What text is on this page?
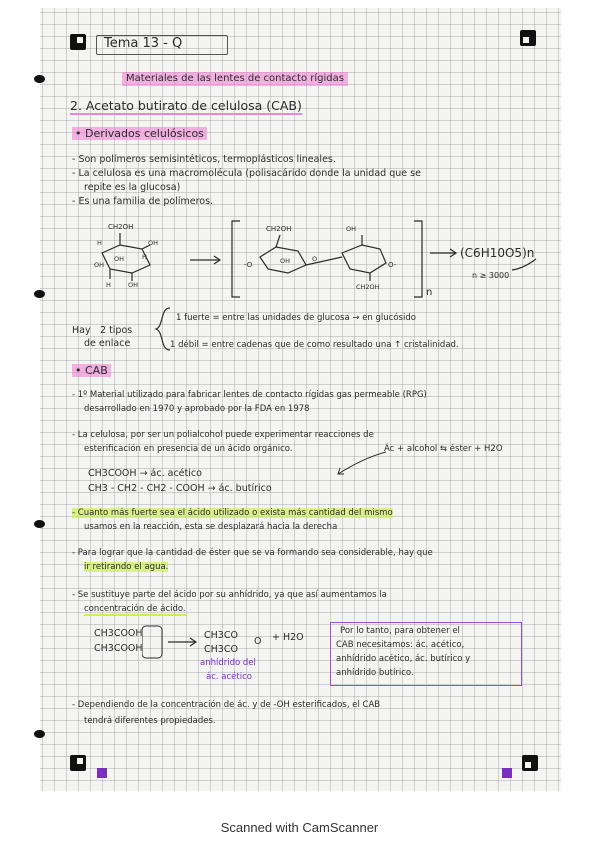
Tema 13 - Q
Materiales de las lentes de contacto rígidas
2. Acetato butirato de celulosa (CAB)
• Derivados celulósicos
- Son polímeros semisintéticos, termoplásticos lineales.
- La celulosa es una macromolécula (polisacárido donde la unidad que se
repite es la glucosa)
- Es una familia de polímeros.
CH2OH
H	OH
OH
OH	H
H	OH
CH2OH
-O
O
OH
OH
O-
CH2OH	n
(C6H10O5)n
n ≥ 3000
Hay 2 tipos
de enlace
1 fuerte = entre las unidades de glucosa → en glucósido
1 débil = entre cadenas que de como resultado una ↑ cristalinidad.
• CAB
- 1º Material utilizado para fabricar lentes de contacto rígidas gas permeable (RPG)
desarrollado en 1970 y aprobado por la FDA en 1978
- La celulosa, por ser un polialcohol puede experimentar reacciones de
esterificación en presencia de un ácido orgánico.	Ác + alcohol ⇆ éster + H2O
CH3COOH → ác. acético
CH3 - CH2 - CH2 - COOH → ác. butírico
- Cuanto más fuerte sea el ácido utilizado o exista más cantidad del mismo
usamos en la reacción, esta se desplazará hacia la derecha
- Para lograr que la cantidad de éster que se va formando sea considerable, hay que
ir retirando el agua.
- Se sustituye parte del ácido por su anhídrido, ya que así aumentamos la
concentración de ácido.
CH3COOH
CH3COOH
CH3CO
CH3CO
O + H2O
anhídrido del
ác. acético
Por lo tanto, para obtener el
CAB necesitamos: ác. acético,
anhídrido acético, ác. butírico y
anhídrido butírico.
- Dependiendo de la concentración de ác. y de -OH esterificados, el CAB
tendrá diferentes propiedades.
Scanned with CamScanner
